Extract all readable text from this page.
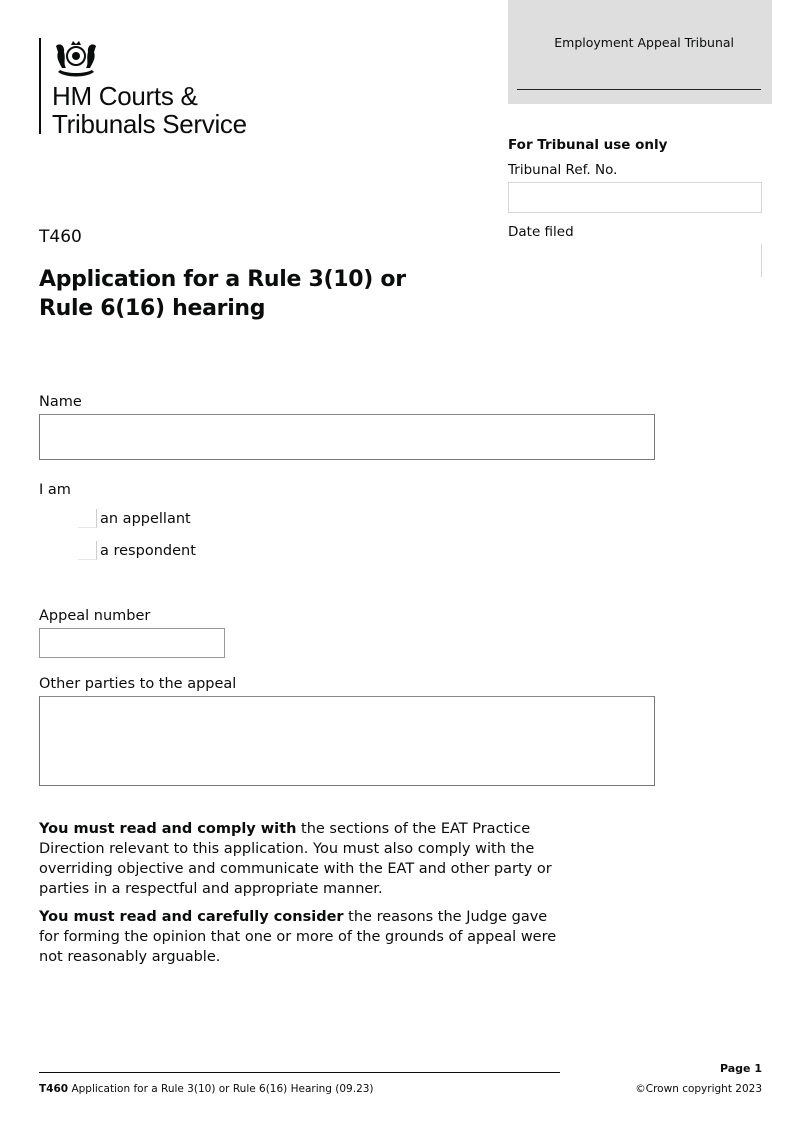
HM Courts &
Tribunals Service
Employment Appeal Tribunal
For Tribunal use only
Tribunal Ref. No.
Date filed
T460
Application for a Rule 3(10) or
Rule 6(16) hearing
Name
I am
an appellant
a respondent
Appeal number
Other parties to the appeal
You must read and comply with the sections of the EAT Practice Direction relevant to this application. You must also comply with the overriding objective and communicate with the EAT and other party or parties in a respectful and appropriate manner.
You must read and carefully consider the reasons the Judge gave for forming the opinion that one or more of the grounds of appeal were not reasonably arguable.
T460 Application for a Rule 3(10) or Rule 6(16) Hearing (09.23)
Page 1
©Crown copyright 2023
